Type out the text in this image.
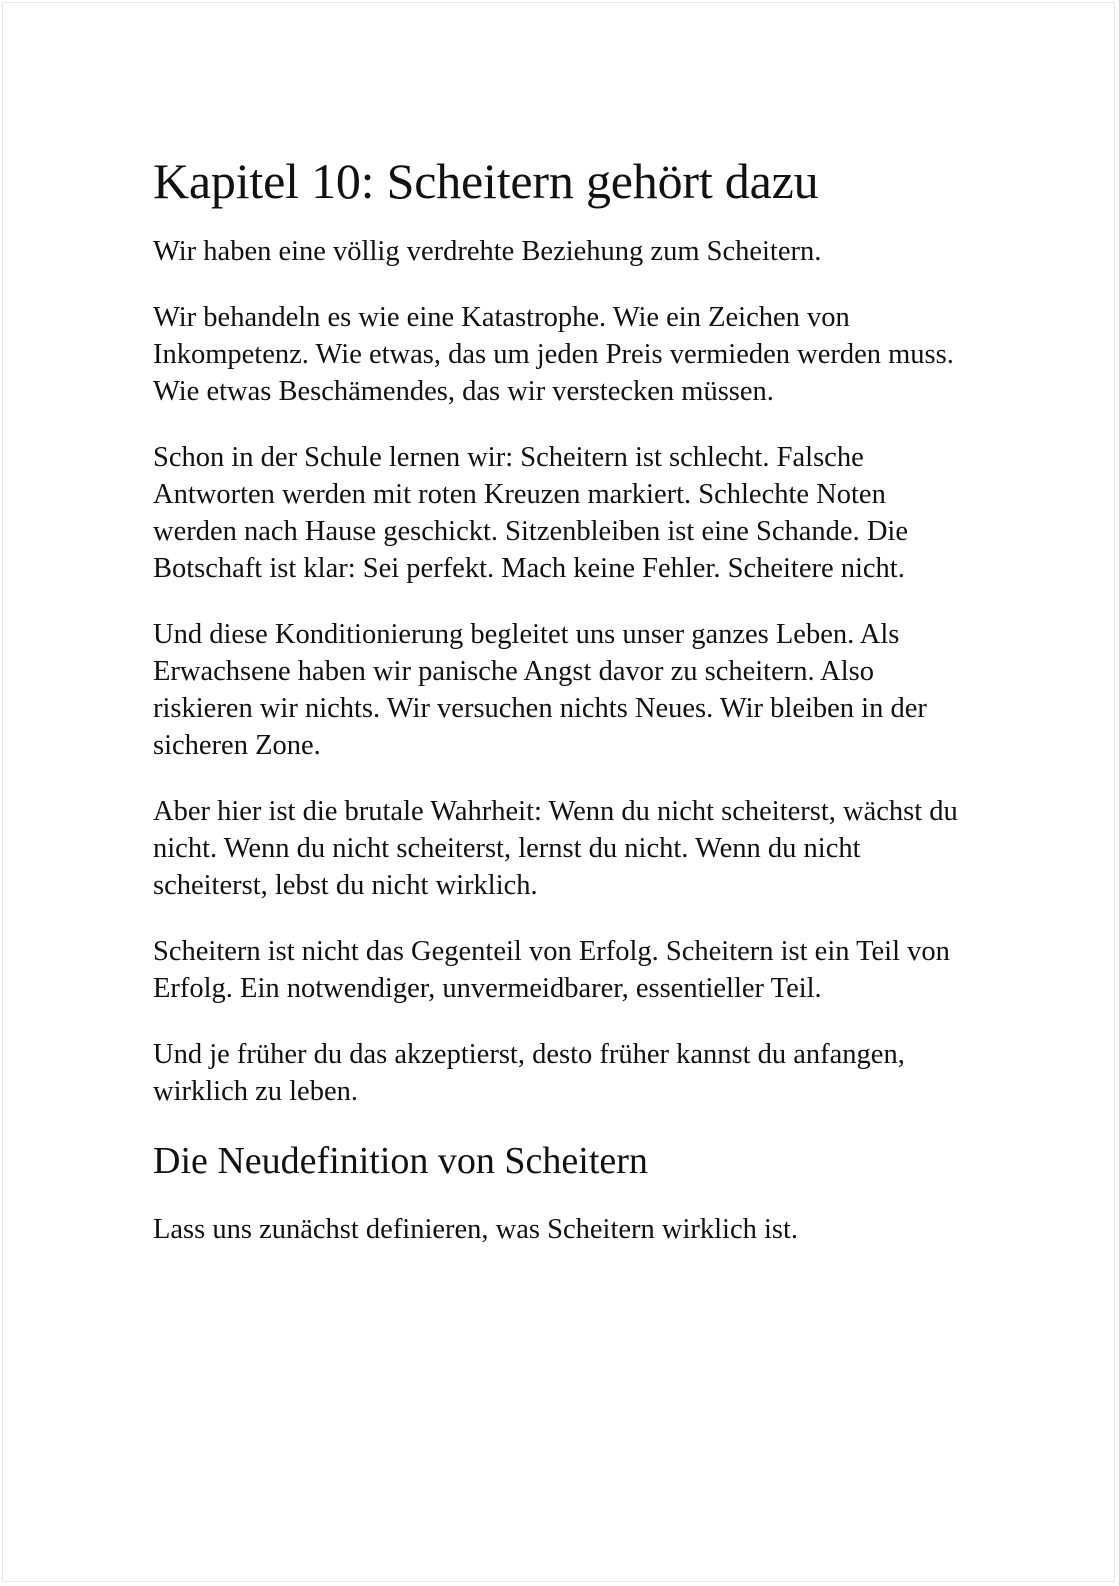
Kapitel 10: Scheitern gehört dazu

Wir haben eine völlig verdrehte Beziehung zum Scheitern.

Wir behandeln es wie eine Katastrophe. Wie ein Zeichen von Inkompetenz. Wie etwas, das um jeden Preis vermieden werden muss. Wie etwas Beschämendes, das wir verstecken müssen.

Schon in der Schule lernen wir: Scheitern ist schlecht. Falsche Antworten werden mit roten Kreuzen markiert. Schlechte Noten werden nach Hause geschickt. Sitzenbleiben ist eine Schande. Die Botschaft ist klar: Sei perfekt. Mach keine Fehler. Scheitere nicht.

Und diese Konditionierung begleitet uns unser ganzes Leben. Als Erwachsene haben wir panische Angst davor zu scheitern. Also riskieren wir nichts. Wir versuchen nichts Neues. Wir bleiben in der sicheren Zone.

Aber hier ist die brutale Wahrheit: Wenn du nicht scheiterst, wächst du nicht. Wenn du nicht scheiterst, lernst du nicht. Wenn du nicht scheiterst, lebst du nicht wirklich.

Scheitern ist nicht das Gegenteil von Erfolg. Scheitern ist ein Teil von Erfolg. Ein notwendiger, unvermeidbarer, essentieller Teil.

Und je früher du das akzeptierst, desto früher kannst du anfangen, wirklich zu leben.

Die Neudefinition von Scheitern

Lass uns zunächst definieren, was Scheitern wirklich ist.
